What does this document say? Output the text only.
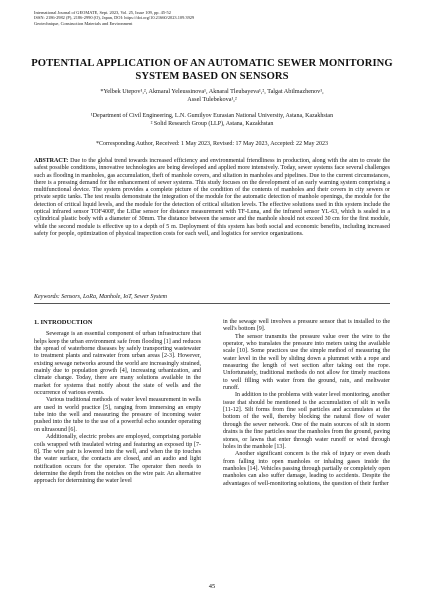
International Journal of GEOMATE, Sept. 2023, Vol. 25, Issue 109, pp. 45-52
ISSN: 2186-2982 (P), 2186-2990 (O), Japan, DOI: https://doi.org/10.21660/2023.109.3929
Geotechnique, Construction Materials and Environment
POTENTIAL APPLICATION OF AN AUTOMATIC SEWER MONITORING SYSTEM BASED ON SENSORS
*Yelbek Utepov¹,², Akmaral Yeleussinova¹, Aknaral Tleubayeva¹,², Talgat Abilmazhenov¹,
Assel Tulebekova¹,²
¹Department of Civil Engineering, L.N. Gumilyov Eurasian National University, Astana, Kazakhstan
² Solid Research Group (LLP), Astana, Kazakhstan
*Corresponding Author, Received: 1 May 2023, Revised: 17 May 2023, Accepted: 22 May 2023
ABSTRACT: Due to the global trend towards increased efficiency and environmental friendliness in production, along with the aim to create the safest possible conditions, innovative technologies are being developed and applied more intensively. Today, sewer systems face several challenges such as flooding in manholes, gas accumulation, theft of manhole covers, and siltation in manholes and pipelines. Due to the current circumstances, there is a pressing demand for the enhancement of sewer systems. This study focuses on the development of an early warning system comprising a multifunctional device. The system provides a complete picture of the condition of the contents of manholes and their covers in city sewers or private septic tanks. The test results demonstrate the integration of the module for the automatic detection of manhole openings, the module for the detection of critical liquid levels, and the module for the detection of critical siltation levels. The effective solutions used in this system include the optical infrared sensor TOF400F, the LiDar sensor for distance measurement with TF-Luna, and the infrared sensor YL-63, which is sealed in a cylindrical plastic body with a diameter of 30mm. The distance between the sensor and the manhole should not exceed 30 cm for the first module, while the second module is effective up to a depth of 5 m. Deployment of this system has both social and economic benefits, including increased safety for people, optimization of physical inspection costs for each well, and logistics for service organizations.
Keywords: Sensors, LoRa, Manhole, IoT, Sewer System
1. INTRODUCTION

Sewerage is an essential component of urban infrastructure that helps keep the urban environment safe from flooding [1] and reduces the spread of waterborne diseases by safely transporting wastewater to treatment plants and rainwater from urban areas [2-3]. However, existing sewage networks around the world are increasingly strained, mainly due to population growth [4], increasing urbanization, and climate change. Today, there are many solutions available in the market for systems that notify about the state of wells and the occurrence of various events.

Various traditional methods of water level measurement in wells are used in world practice [5], ranging from immersing an empty tube into the well and measuring the pressure of incoming water pushed into the tube to the use of a powerful echo sounder operating on ultrasound [6].

Additionally, electric probes are employed, comprising portable coils wrapped with insulated wiring and featuring an exposed tip [7-8]. The wire pair is lowered into the well, and when the tip touches the water surface, the contacts are closed, and an audio and light notification occurs for the operator. The operator then needs to determine the depth from the notches on the wire pair. An alternative approach for determining the water level

in the sewage well involves a pressure sensor that is installed to the well's bottom [9].

The sensor transmits the pressure value over the wire to the operator, who translates the pressure into meters using the available scale [10]. Some practices use the simple method of measuring the water level in the well by sliding down a plummet with a rope and measuring the length of wet section after taking out the rope. Unfortunately, traditional methods do not allow for timely reactions to well filling with water from the ground, rain, and meltwater runoff.

In addition to the problems with water level monitoring, another issue that should be mentioned is the accumulation of silt in wells [11-12]. Silt forms from fine soil particles and accumulates at the bottom of the well, thereby blocking the natural flow of water through the sewer network. One of the main sources of silt in storm drains is the fine particles near the manholes from the ground, paving stones, or lawns that enter through water runoff or wind through holes in the manhole [13].

Another significant concern is the risk of injury or even death from falling into open manholes or inhaling gases inside the manholes [14]. Vehicles passing through partially or completely open manholes can also suffer damage, leading to accidents. Despite the advantages of well-monitoring solutions, the question of their further

45
